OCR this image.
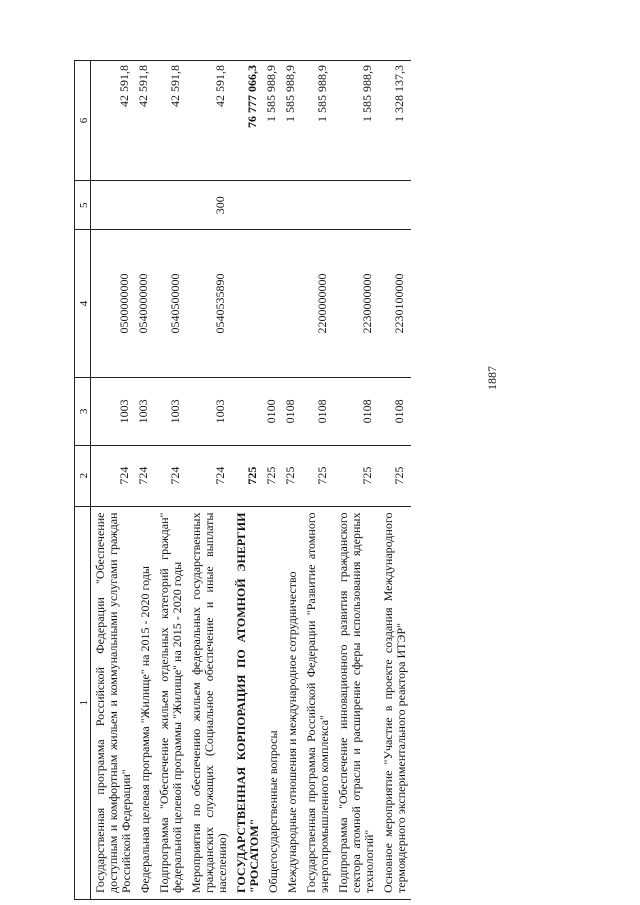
1887
1	2	3	4	5	6
Государственная программа Российской Федерации "Обеспечение доступным и комфортным жильем и коммунальными услугами граждан Российской Федерации"	724	1003	0500000000		42 591,8
Федеральная целевая программа "Жилище" на 2015 - 2020 годы	724	1003	0540000000		42 591,8
Подпрограмма "Обеспечение жильем отдельных категорий граждан" федеральной целевой программы "Жилище" на 2015 - 2020 годы	724	1003	0540500000		42 591,8
Мероприятия по обеспечению жильем федеральных государственных гражданских служащих (Социальное обеспечение и иные выплаты населению)	724	1003	0540535890	300	42 591,8
ГОСУДАРСТВЕННАЯ КОРПОРАЦИЯ ПО АТОМНОЙ ЭНЕРГИИ "РОСАТОМ"	725				76 777 066,3
Общегосударственные вопросы	725	0100			1 585 988,9
Международные отношения и международное сотрудничество	725	0108			1 585 988,9
Государственная программа Российской Федерации "Развитие атомного энергопромышленного комплекса"	725	0108	2200000000		1 585 988,9
Подпрограмма "Обеспечение инновационного развития гражданского сектора атомной отрасли и расширение сферы использования ядерных технологий"	725	0108	2230000000		1 585 988,9
Основное мероприятие "Участие в проекте создания Международного термоядерного экспериментального реактора ИТЭР"	725	0108	2230100000		1 328 137,3
